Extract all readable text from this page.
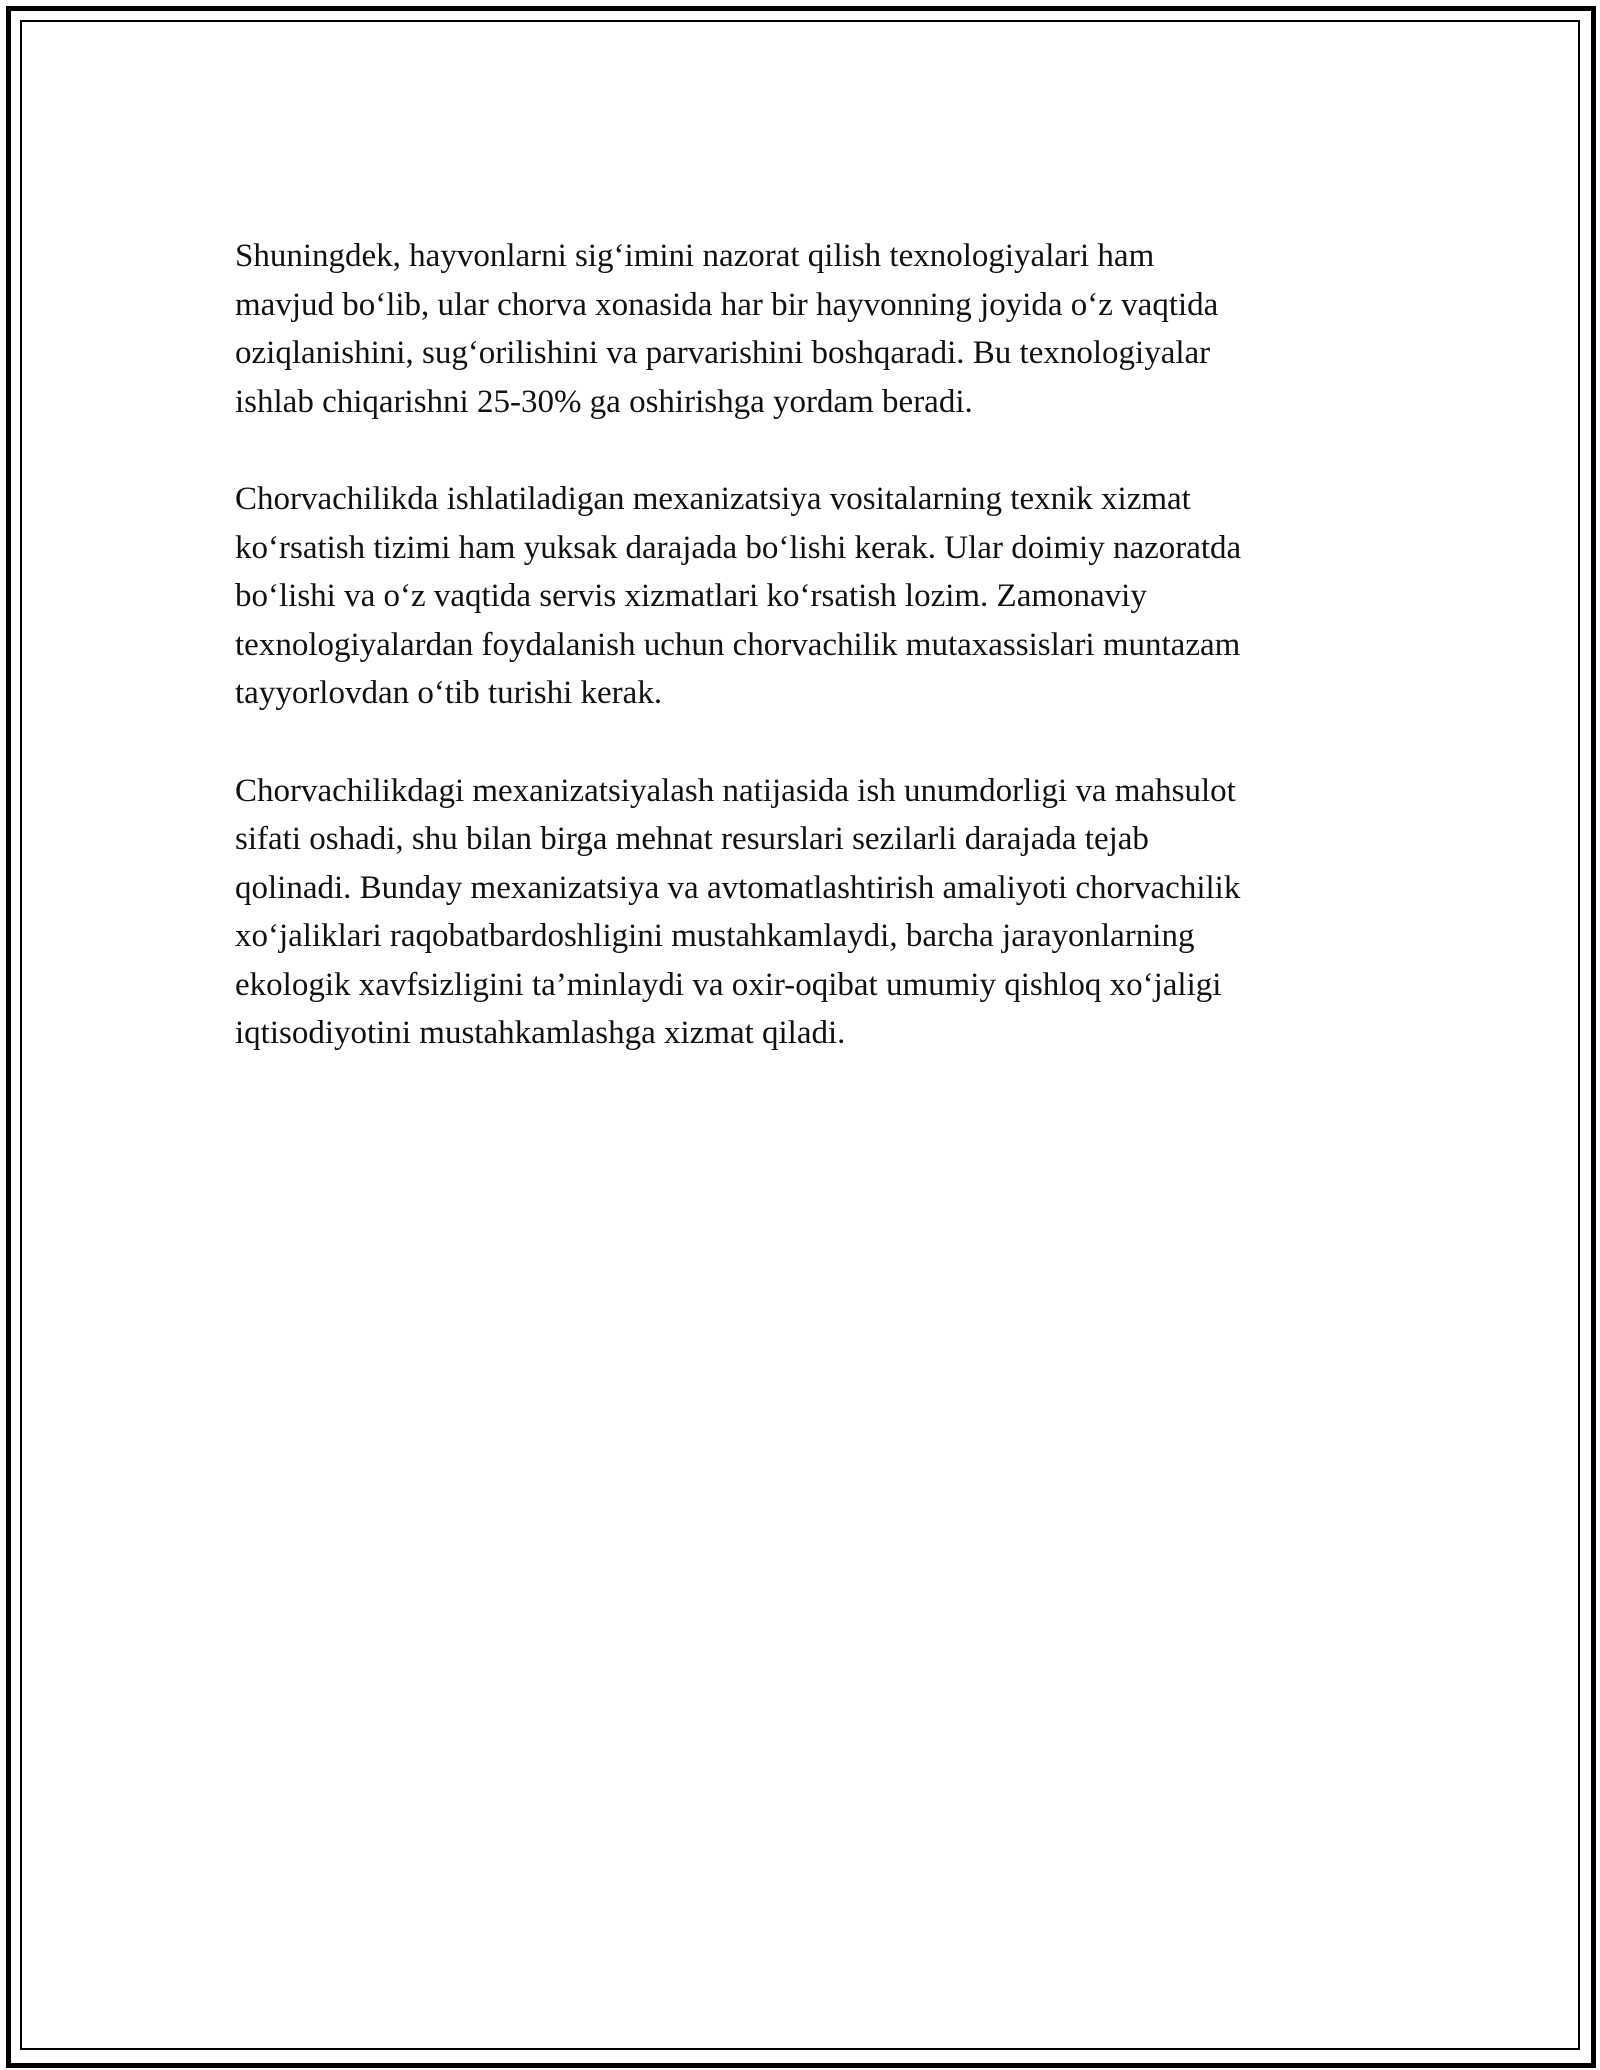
Shuningdek, hayvonlarni sig‘imini nazorat qilish texnologiyalari ham
mavjud bo‘lib, ular chorva xonasida har bir hayvonning joyida o‘z vaqtida
oziqlanishini, sug‘orilishini va parvarishini boshqaradi. Bu texnologiyalar
ishlab chiqarishni 25-30% ga oshirishga yordam beradi.

Chorvachilikda ishlatiladigan mexanizatsiya vositalarning texnik xizmat
ko‘rsatish tizimi ham yuksak darajada bo‘lishi kerak. Ular doimiy nazoratda
bo‘lishi va o‘z vaqtida servis xizmatlari ko‘rsatish lozim. Zamonaviy
texnologiyalardan foydalanish uchun chorvachilik mutaxassislari muntazam
tayyorlovdan o‘tib turishi kerak.

Chorvachilikdagi mexanizatsiyalash natijasida ish unumdorligi va mahsulot
sifati oshadi, shu bilan birga mehnat resurslari sezilarli darajada tejab
qolinadi. Bunday mexanizatsiya va avtomatlashtirish amaliyoti chorvachilik
xo‘jaliklari raqobatbardoshligini mustahkamlaydi, barcha jarayonlarning
ekologik xavfsizligini ta’minlaydi va oxir-oqibat umumiy qishloq xo‘jaligi
iqtisodiyotini mustahkamlashga xizmat qiladi.
